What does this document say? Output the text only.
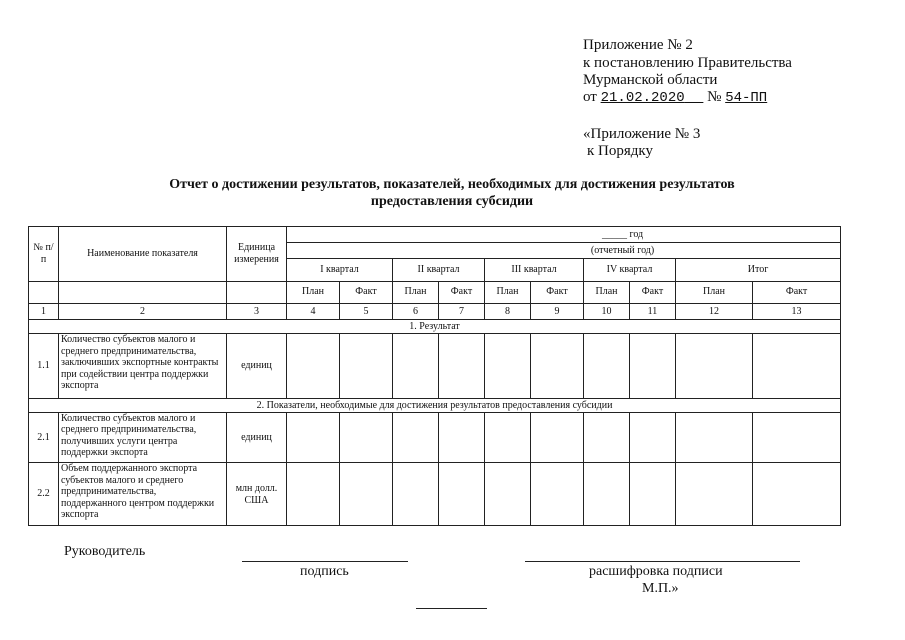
Приложение № 2
к постановлению Правительства
Мурманской области
от 21.02.2020 № 54-ПП
«Приложение № 3
к Порядку
Отчет о достижении результатов, показателей, необходимых для достижения результатов
предоставления субсидии
№ п/п	Наименование показателя	Единица измерения	_____ год									
			(отчетный год)									
			I квартал		II квартал		III квартал		IV квартал		Итог	
			План	Факт	План	Факт	План	Факт	План	Факт	План	Факт
1	2	3	4	5	6	7	8	9	10	11	12	13
1. Результат												
1.1	Количество субъектов малого и среднего предпринимательства, заключивших экспортные контракты при содействии центра поддержки экспорта	единиц										
2. Показатели, необходимые для достижения результатов предоставления субсидии												
2.1	Количество субъектов малого и среднего предпринимательства, получивших услуги центра поддержки экспорта	единиц										
2.2	Объем поддержанного экспорта субъектов малого и среднего предпринимательства, поддержанного центром поддержки экспорта	млн долл. США										
Руководитель
подпись	расшифровка подписи
М.П.»
